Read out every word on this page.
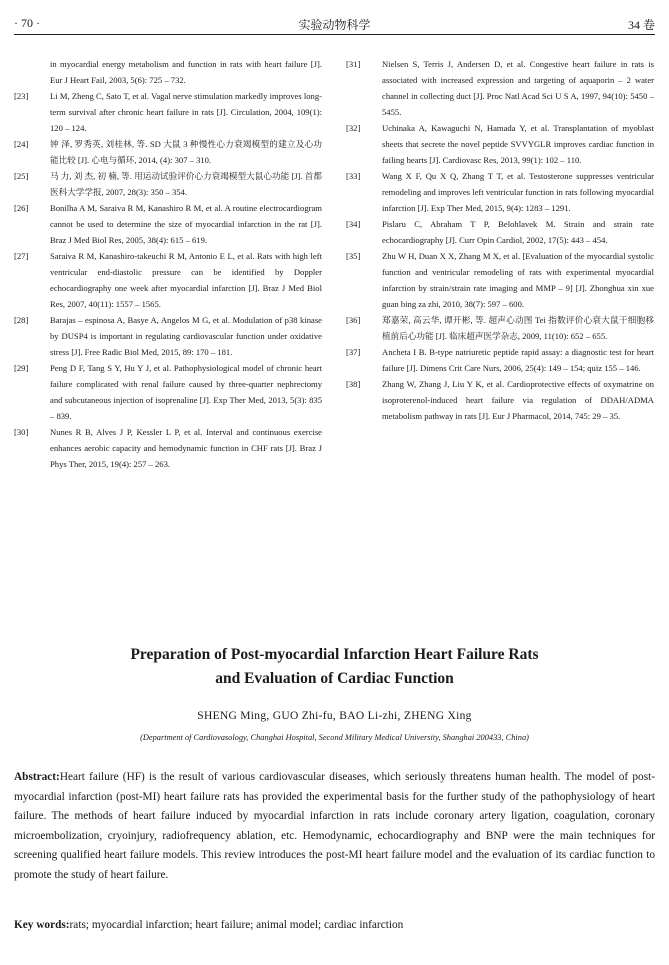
· 70 ·	实验动物科学	34 卷

in myocardial energy metabolism and function in rats with heart failure [J]. Eur J Heart Fail, 2003, 5(6): 725 – 732.

[23]	Li M, Zheng C, Sato T, et al. Vagal nerve stimulation markedly improves long-term survival after chronic heart failure in rats [J]. Circulation, 2004, 109(1): 120 – 124.

[24]	钟 泽, 罗秀英, 刘桂林, 等. SD 大鼠 3 种慢性心力衰竭模型的建立及心功能比较 [J]. 心电与循环, 2014, (4): 307 – 310.

[25]	马 力, 刘 杰, 初 楠, 等. 用运动试验评价心力衰竭模型大鼠心功能 [J]. 首都医科大学学报, 2007, 28(3): 350 – 354.

[26]	Bonilha A M, Saraiva R M, Kanashiro R M, et al. A routine electrocardiogram cannot be used to determine the size of myocardial infarction in the rat [J]. Braz J Med Biol Res, 2005, 38(4): 615 – 619.

[27]	Saraiva R M, Kanashiro-takeuchi R M, Antonio E L, et al. Rats with high left ventricular end-diastolic pressure can be identified by Doppler echocardiography one week after myocardial infarction [J]. Braz J Med Biol Res, 2007, 40(11): 1557 – 1565.

[28]	Barajas – espinosa A, Basye A, Angelos M G, et al. Modulation of p38 kinase by DUSP4 is important in regulating cardiovascular function under oxidative stress [J]. Free Radic Biol Med, 2015, 89: 170 – 181.

[29]	Peng D F, Tang S Y, Hu Y J, et al. Pathophysiological model of chronic heart failure complicated with renal failure caused by three-quarter nephrectomy and subcutaneous injection of isoprenaline [J]. Exp Ther Med, 2013, 5(3): 835 – 839.

[30]	Nunes R B, Alves J P, Kessler L P, et al. Interval and continuous exercise enhances aerobic capacity and hemodynamic function in CHF rats [J]. Braz J Phys Ther, 2015, 19(4): 257 – 263.

[31]	Nielsen S, Terris J, Andersen D, et al. Congestive heart failure in rats is associated with increased expression and targeting of aquaporin – 2 water channel in collecting duct [J]. Proc Natl Acad Sci U S A, 1997, 94(10): 5450 – 5455.

[32]	Uchinaka A, Kawaguchi N, Hamada Y, et al. Transplantation of myoblast sheets that secrete the novel peptide SVVYGLR improves cardiac function in failing hearts [J]. Cardiovasc Res, 2013, 99(1): 102 – 110.

[33]	Wang X F, Qu X Q, Zhang T T, et al. Testosterone suppresses ventricular remodeling and improves left ventricular function in rats following myocardial infarction [J]. Exp Ther Med, 2015, 9(4): 1283 – 1291.

[34]	Pislaru C, Abraham T P, Belohlavek M. Strain and strain rate echocardiography [J]. Curr Opin Cardiol, 2002, 17(5): 443 – 454.

[35]	Zhu W H, Duan X X, Zhang M X, et al. [Evaluation of the myocardial systolic function and ventricular remodeling of rats with experimental myocardial infarction by strain/strain rate imaging and MMP – 9] [J]. Zhonghua xin xue guan bing za zhi, 2010, 38(7): 597 – 600.

[36]	郑嘉荣, 高云华, 谭开彬, 等. 超声心动图 Tei 指数评价心衰大鼠干细胞移植前后心功能 [J]. 临床超声医学杂志, 2009, 11(10): 652 – 655.

[37]	Ancheta I B. B-type natriuretic peptide rapid assay: a diagnostic test for heart failure [J]. Dimens Crit Care Nurs, 2006, 25(4): 149 – 154; quiz 155 – 146.

[38]	Zhang W, Zhang J, Liu Y K, et al. Cardioprotective effects of oxymatrine on isoproterenol-induced heart failure via regulation of DDAH/ADMA metabolism pathway in rats [J]. Eur J Pharmacol, 2014, 745: 29 – 35.

Preparation of Post-myocardial Infarction Heart Failure Rats
and Evaluation of Cardiac Function
SHENG Ming, GUO Zhi-fu, BAO Li-zhi, ZHENG Xing
(Department of Cardiovasology, Changhai Hospital, Second Military Medical University, Shanghai 200433, China)
Abstract:Heart failure (HF) is the result of various cardiovascular diseases, which seriously threatens human health. The model of post-myocardial infarction (post-MI) heart failure rats has provided the experimental basis for the further study of the pathophysiology of heart failure. The methods of heart failure induced by myocardial infarction in rats include coronary artery ligation, coagulation, coronary microembolization, cryoinjury, radiofrequency ablation, etc. Hemodynamic, echocardiography and BNP were the main techniques for screening qualified heart failure models. This review introduces the post-MI heart failure model and the evaluation of its cardiac function to promote the study of heart failure.
Key words:rats; myocardial infarction; heart failure; animal model; cardiac infarction
